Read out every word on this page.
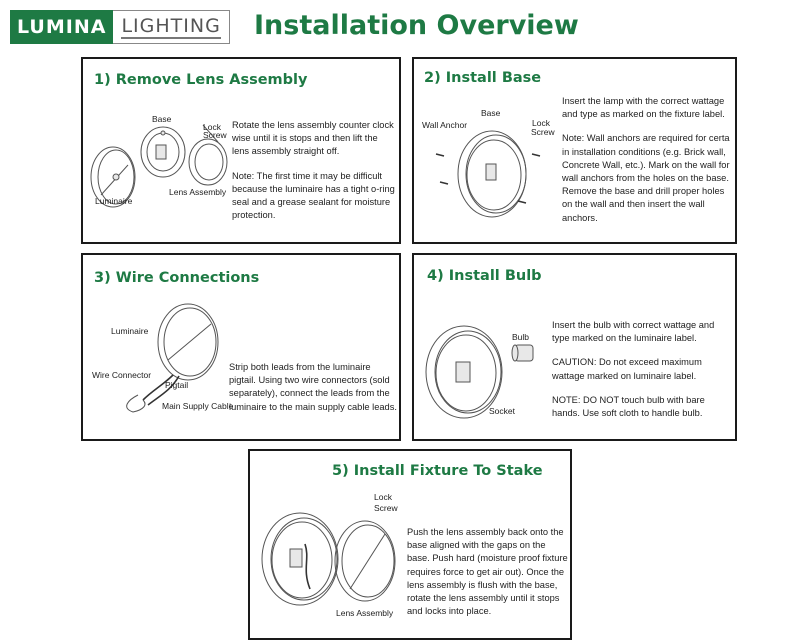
LUMINA LIGHTING Installation Overview
1) Remove Lens Assembly
Base
Lock
Screw
Lens Assembly
Luminaire

Rotate the lens assembly counter clock wise until it is stops and then lift the lens assembly straight off.

Note: The first time it may be difficult because the luminaire has a tight o-ring seal and a grease sealant for moisture protection.

2) Install Base
Wall Anchor
Base
Lock
Screw

Insert the lamp with the correct wattage and type as marked on the fixture label.

Note: Wall anchors are required for certa in installation conditions (e.g. Brick wall, Concrete Wall, etc.). Mark on the wall for wall anchors from the holes on the base. Remove the base and drill proper holes on the wall and then insert the wall anchors.

3) Wire Connections
Luminaire
Wire Connector
Pigtail
Main Supply Cable

Strip both leads from the luminaire pigtail. Using two wire connectors (sold separately), connect the leads from the luminaire to the main supply cable leads.

4) Install Bulb
Bulb
Socket

Insert the bulb with correct wattage and type marked on the luminaire label.

CAUTION: Do not exceed maximum wattage marked on luminaire label.

NOTE: DO NOT touch bulb with bare hands. Use soft cloth to handle bulb.

5) Install Fixture To Stake
Lock
Screw
Lens Assembly

Push the lens assembly back onto the base aligned with the gaps on the base. Push hard (moisture proof fixture requires force to get air out). Once the lens assembly is flush with the base, rotate the lens assembly until it stops and locks into place.
